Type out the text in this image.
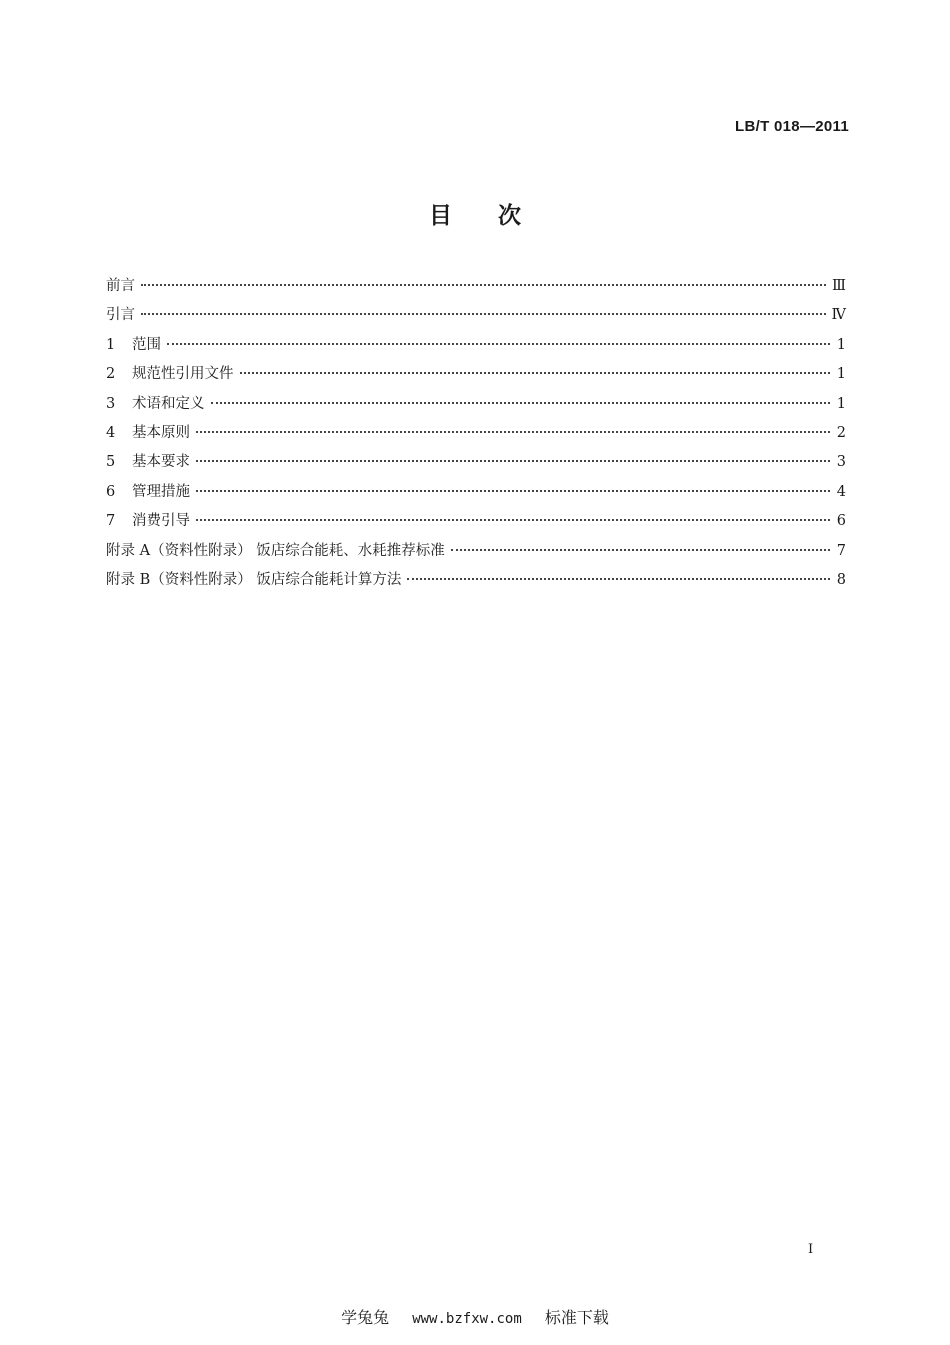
LB/T 018—2011
目 次
前言	Ⅲ
引言	Ⅳ
1	范围	1
2	规范性引用文件	1
3	术语和定义	1
4	基本原则	2
5	基本要求	3
6	管理措施	4
7	消费引导	6
附录 A（资料性附录） 饭店综合能耗、水耗推荐标准	7
附录 B（资料性附录） 饭店综合能耗计算方法	8
I
学兔兔 www.bzfxw.com 标准下载
